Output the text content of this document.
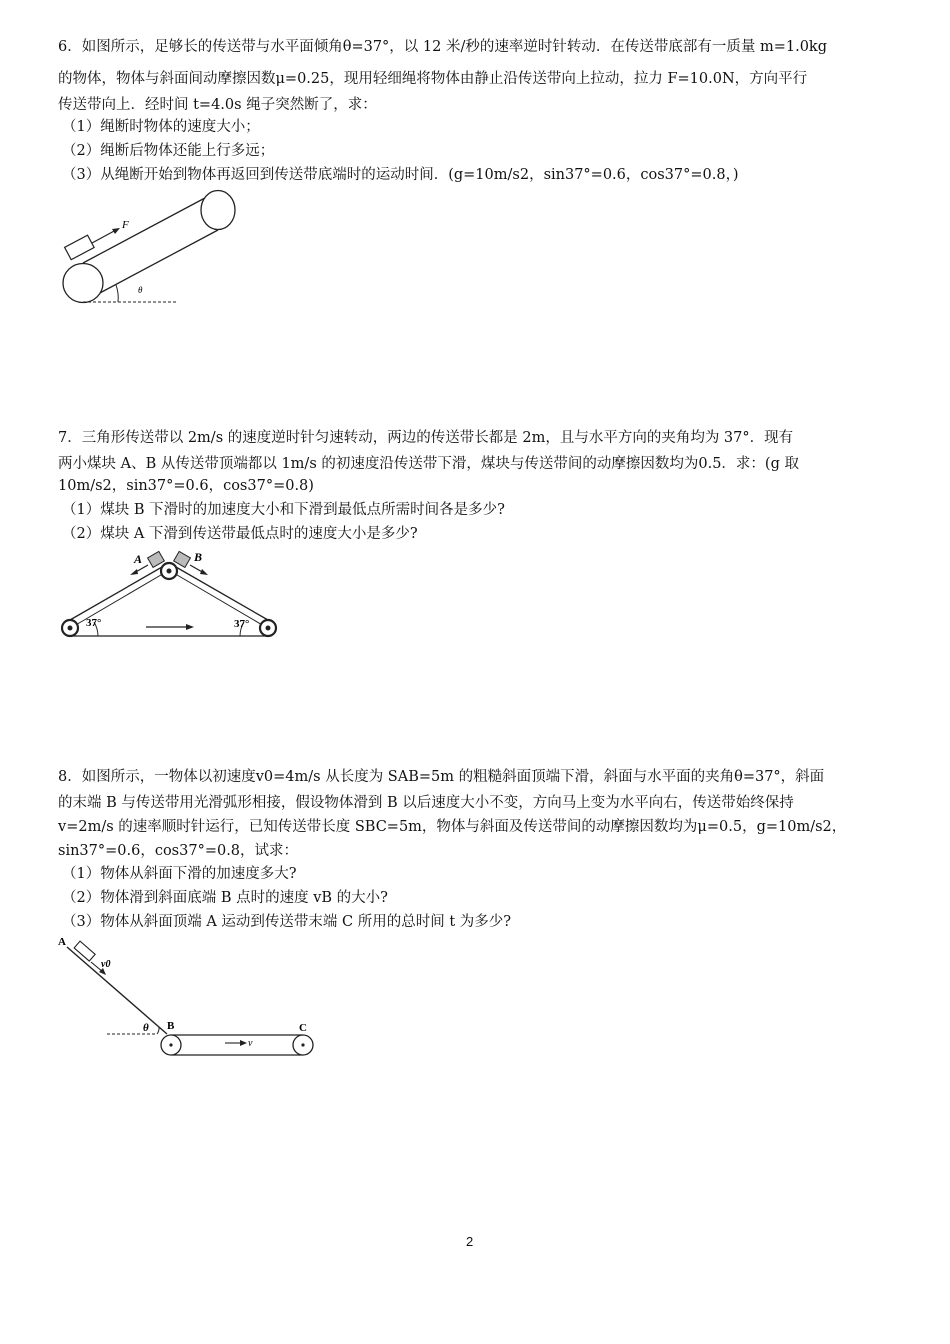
6．如图所示，足够长的传送带与水平面倾角θ=37°，以 12 米/秒的速率逆时针转动．在传送带底部有一质量 m=1.0kg
的物体，物体与斜面间动摩擦因数μ=0.25，现用轻细绳将物体由静止沿传送带向上拉动，拉力 F=10.0N，方向平行
传送带向上．经时间 t=4.0s 绳子突然断了，求：
（1）绳断时物体的速度大小；
（2）绳断后物体还能上行多远；
（3）从绳断开始到物体再返回到传送带底端时的运动时间．(g=10m/s2，sin37°=0.6，cos37°=0.8，)
F
θ
7．三角形传送带以 2m/s 的速度逆时针匀速转动，两边的传送带长都是 2m，且与水平方向的夹角均为 37°．现有
两小煤块 A、B 从传送带顶端都以 1m/s 的初速度沿传送带下滑，煤块与传送带间的动摩擦因数均为0.5．求：(g 取
10m/s2，sin37°=0.6，cos37°=0.8)
（1）煤块 B 下滑时的加速度大小和下滑到最低点所需时间各是多少?
（2）煤块 A 下滑到传送带最低点时的速度大小是多少?
A	B
37°	37°
8．如图所示，一物体以初速度v0=4m/s 从长度为 SAB=5m 的粗糙斜面顶端下滑，斜面与水平面的夹角θ=37°，斜面
的末端 B 与传送带用光滑弧形相接，假设物体滑到 B 以后速度大小不变，方向马上变为水平向右，传送带始终保持
v=2m/s 的速率顺时针运行，已知传送带长度 SBC=5m，物体与斜面及传送带间的动摩擦因数均为μ=0.5，g=10m/s2，
sin37°=0.6，cos37°=0.8，试求：
（1）物体从斜面下滑的加速度多大?
（2）物体滑到斜面底端 B 点时的速度 vB 的大小?
（3）物体从斜面顶端 A 运动到传送带末端 C 所用的总时间 t 为多少?
A
v0
θ B	C
v
2
